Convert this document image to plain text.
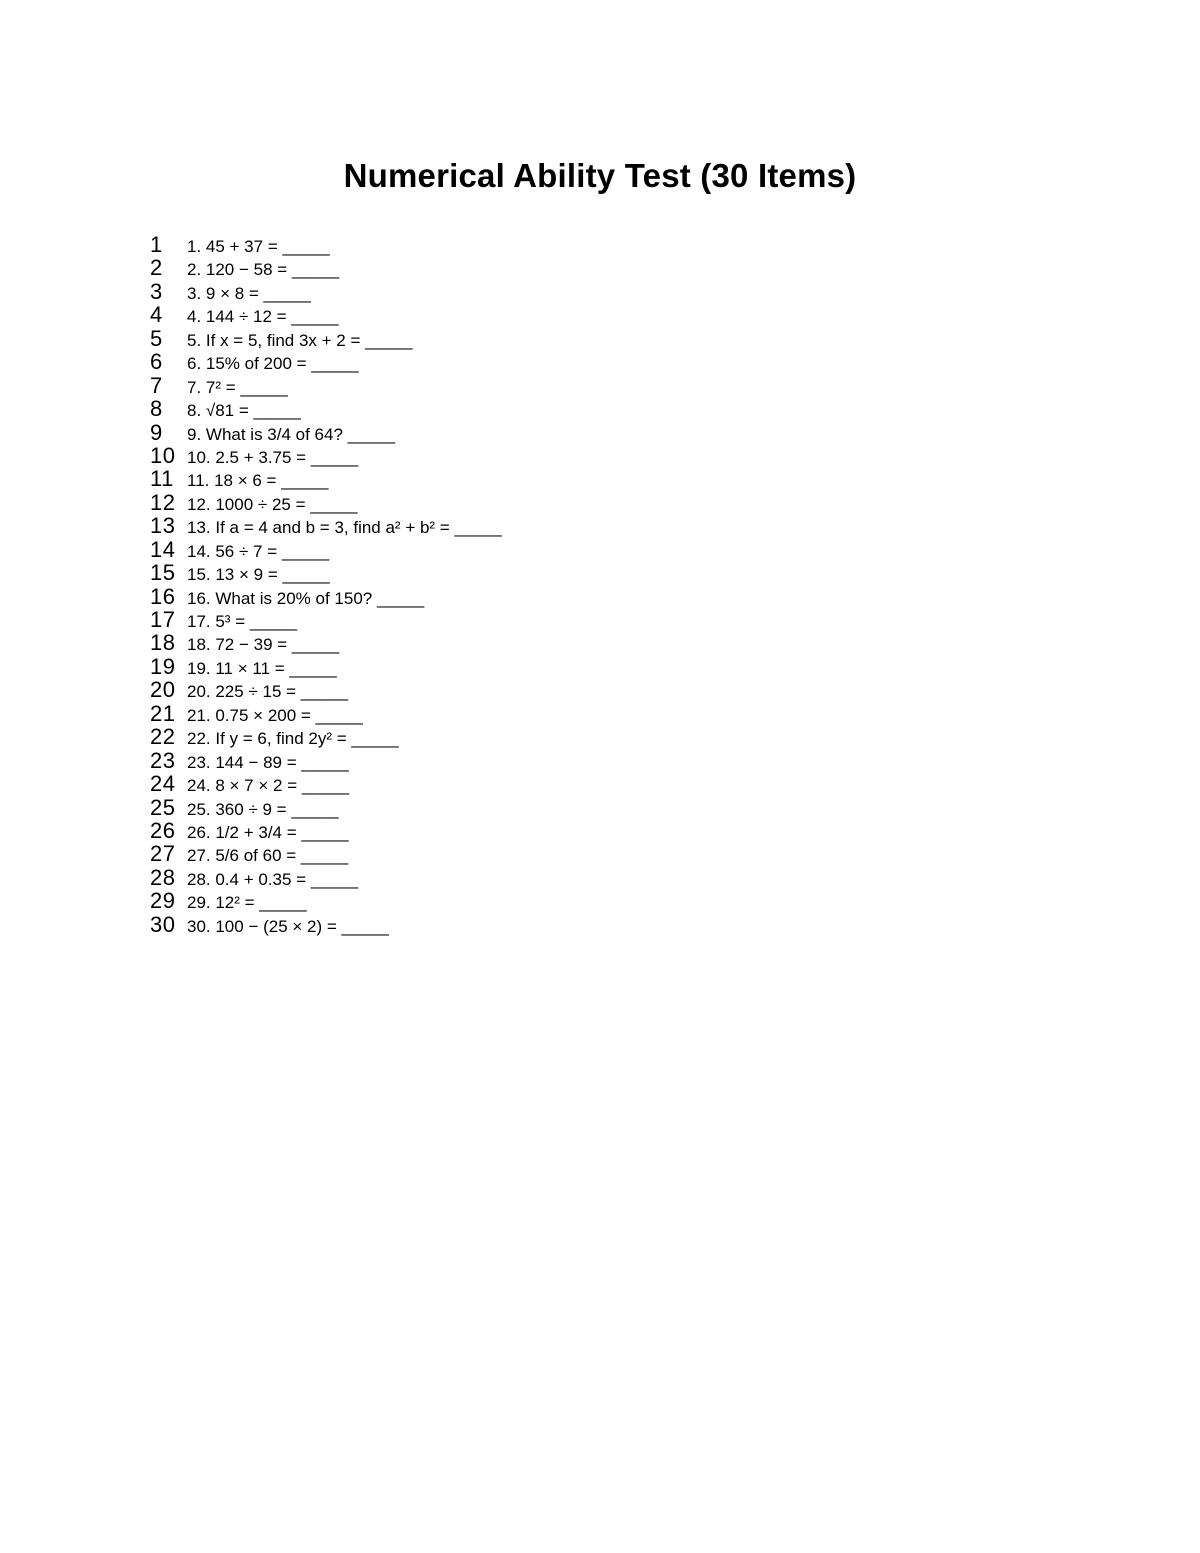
Numerical Ability Test (30 Items)
1	1. 45 + 37 = _____
2	2. 120 − 58 = _____
3	3. 9 × 8 = _____
4	4. 144 ÷ 12 = _____
5	5. If x = 5, find 3x + 2 = _____
6	6. 15% of 200 = _____
7	7. 7² = _____
8	8. √81 = _____
9	9. What is 3/4 of 64? _____
10 10. 2.5 + 3.75 = _____
11 11. 18 × 6 = _____
12 12. 1000 ÷ 25 = _____
13 13. If a = 4 and b = 3, find a² + b² = _____
14 14. 56 ÷ 7 = _____
15 15. 13 × 9 = _____
16 16. What is 20% of 150? _____
17 17. 5³ = _____
18 18. 72 − 39 = _____
19 19. 11 × 11 = _____
20 20. 225 ÷ 15 = _____
21 21. 0.75 × 200 = _____
22 22. If y = 6, find 2y² = _____
23 23. 144 − 89 = _____
24 24. 8 × 7 × 2 = _____
25 25. 360 ÷ 9 = _____
26 26. 1/2 + 3/4 = _____
27 27. 5/6 of 60 = _____
28 28. 0.4 + 0.35 = _____
29 29. 12² = _____
30 30. 100 − (25 × 2) = _____
